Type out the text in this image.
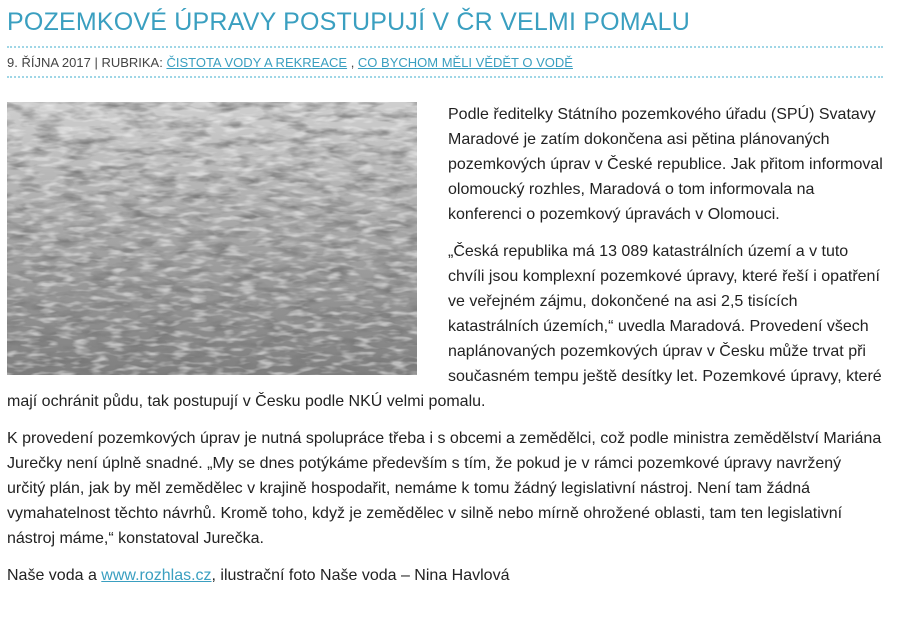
POZEMKOVÉ ÚPRAVY POSTUPUJÍ V ČR VELMI POMALU
9. ŘÍJNA 2017 | RUBRIKA: ČISTOTA VODY A REKREACE , CO BYCHOM MĚLI VĚDĚT O VODĚ

Podle ředitelky Státního pozemkového úřadu (SPÚ) Svatavy Maradové je zatím dokončena asi pětina plánovaných pozemkových úprav v České republice. Jak přitom informoval olomoucký rozhles, Maradová o tom informovala na konferenci o pozemkový úpravách v Olomouci.

„Česká republika má 13 089 katastrálních území a v tuto chvíli jsou komplexní pozemkové úpravy, které řeší i opatření ve veřejném zájmu, dokončené na asi 2,5 tisících katastrálních územích,“ uvedla Maradová. Provedení všech naplánovaných pozemkových úprav v Česku může trvat při současném tempu ještě desítky let. Pozemkové úpravy, které mají ochránit půdu, tak postupují v Česku podle NKÚ velmi pomalu.

K provedení pozemkových úprav je nutná spolupráce třeba i s obcemi a zemědělci, což podle ministra zemědělství Mariána Jurečky není úplně snadné. „My se dnes potýkáme především s tím, že pokud je v rámci pozemkové úpravy navržený určitý plán, jak by měl zemědělec v krajině hospodařit, nemáme k tomu žádný legislativní nástroj. Není tam žádná vymahatelnost těchto návrhů. Kromě toho, když je zemědělec v silně nebo mírně ohrožené oblasti, tam ten legislativní nástroj máme,“ konstatoval Jurečka.

Naše voda a www.rozhlas.cz, ilustrační foto Naše voda – Nina Havlová
